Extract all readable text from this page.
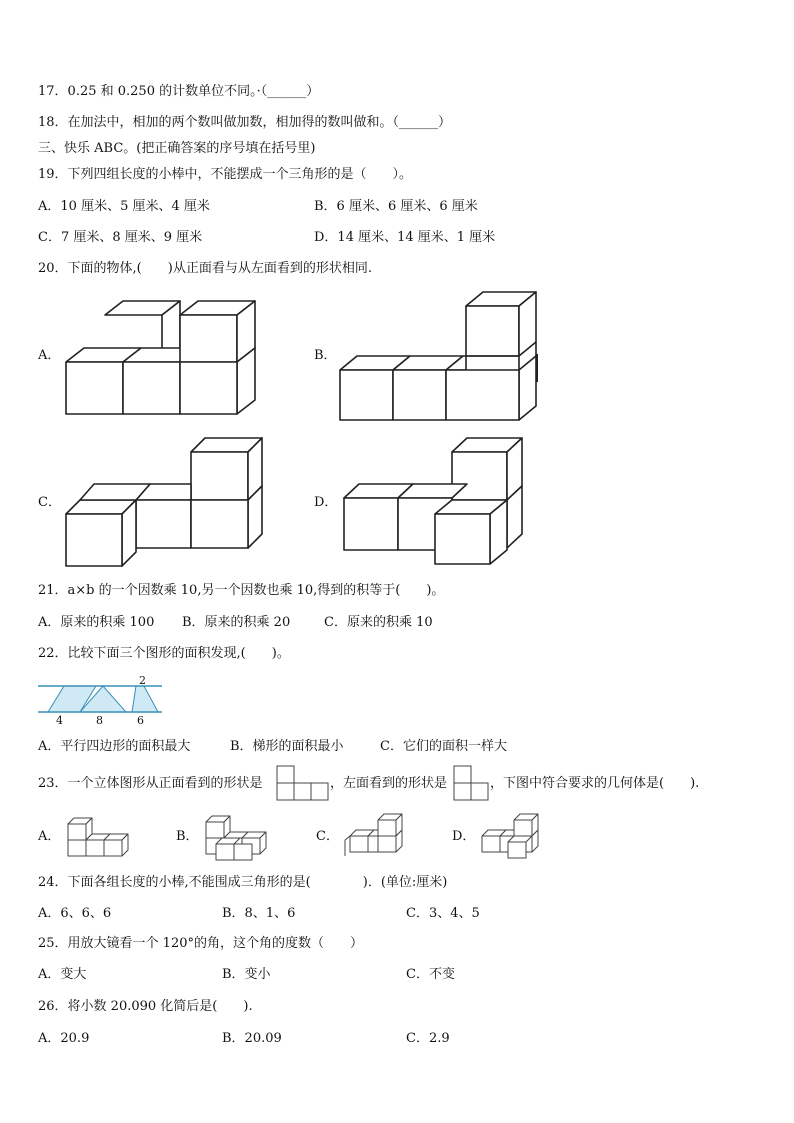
17．0.25 和 0.250 的计数单位不同。·（______）
18．在加法中，相加的两个数叫做加数，相加得的数叫做和。（______）
三、快乐 ABC。(把正确答案的序号填在括号里)
19．下列四组长度的小棒中，不能摆成一个三角形的是（　　）。
A．10 厘米、5 厘米、4 厘米	B．6 厘米、6 厘米、6 厘米
C．7 厘米、8 厘米、9 厘米	D．14 厘米、14 厘米、1 厘米
20．下面的物体,(　　)从正面看与从左面看到的形状相同.
A．	B．
C．	D．
21．a×b 的一个因数乘 10,另一个因数也乘 10,得到的积等于(　　)。
A．原来的积乘 100 B．原来的积乘 20	C．原来的积乘 10
22．比较下面三个图形的面积发现,(　　)。
2
4	8	6
A．平行四边形的面积最大	B．梯形的面积最小	C．它们的面积一样大
23．一个立体图形从正面看到的形状是	，左面看到的形状是	，下图中符合要求的几何体是(　　).
A．	B．	C．	D．
24．下面各组长度的小棒,不能围成三角形的是(　　　　)．(单位:厘米)
A．6、6、6	B．8、1、6	C．3、4、5
25．用放大镜看一个 120°的角，这个角的度数（　　）
A．变大	B．变小	C．不变
26．将小数 20.090 化简后是(　　).
A．20.9	B．20.09	C．2.9
